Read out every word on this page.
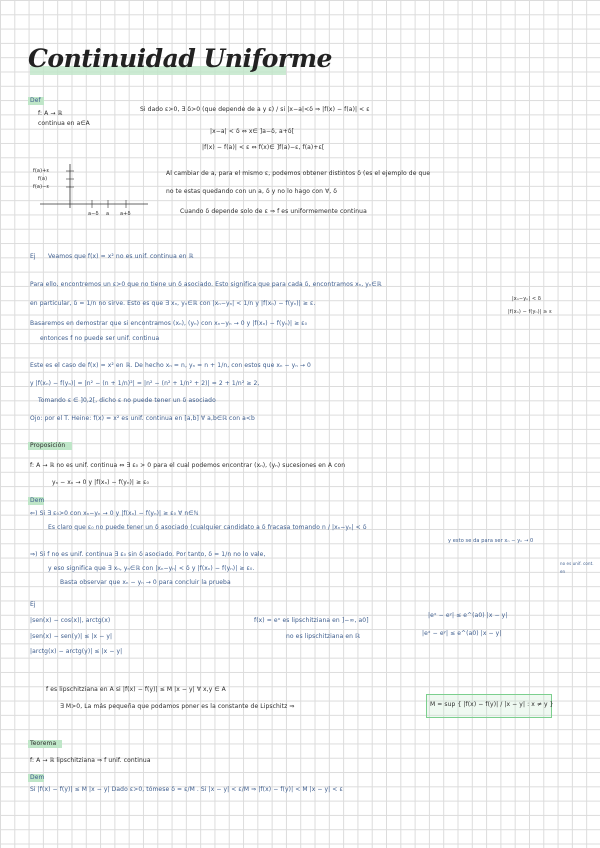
Continuidad Uniforme
Def
f: A → ℝ
continua en a∈A
Si dado ε>0, ∃ δ>0 (que depende de a y ε) / si |x−a|<δ ⇒ |f(x) − f(a)| < ε
|x−a| < δ ⇔ x∈ ]a−δ, a+δ[
|f(x) − f(a)| < ε ⇔ f(x)∈ ]f(a)−ε, f(a)+ε[
f(a)+ε
f(a)
f(a)−ε
a−δ a a+δ
Al cambiar de a, para el mismo ε, podemos obtener distintos δ (es el ejemplo de que
no te estas quedando con un a, δ y no lo hago con ∀, δ
Cuando δ depende solo de ε ⇒ f es uniformemente continua
Ej Veamos que f(x) = x² no es unif. continua en ℝ
Para ello, encontremos un ε>0 que no tiene un δ asociado. Esto significa que para cada δ, encontramos xₙ, yₙ∈ℝ
en particular, δ = 1/n no sirve. Esto es que ∃ xₙ, yₙ∈ℝ con |xₙ−yₙ| < 1/n y |f(xₙ) − f(yₙ)| ≥ ε.
|xₙ−yₙ| < δ
|f(xₙ) − f(yₙ)| ≥ ε
Basaremos en demostrar que si encontramos (xₙ), (yₙ) con xₙ−yₙ → 0 y |f(xₙ) − f(yₙ)| ≥ ε₀
entonces f no puede ser unif. continua
Este es el caso de f(x) = x² en ℝ. De hecho xₙ = n, yₙ = n + 1/n, con estos que xₙ − yₙ → 0
y |f(xₙ) − f(yₙ)| = |n² − (n + 1/n)²| = |n² − (n² + 1/n² + 2)| = 2 + 1/n² ≥ 2,
Tomando ε ∈ ]0,2[, dicho ε no puede tener un δ asociado
Ojo: por el T. Heine: f(x) = x² es unif. continua en [a,b] ∀ a,b∈ℝ con a<b
Proposición
f: A → ℝ no es unif. continua ⇔ ∃ ε₀ > 0 para el cual podemos encontrar (xₙ), (yₙ) sucesiones en A con
yₙ − xₙ → 0 y |f(xₙ) − f(yₙ)| ≥ ε₀
Dem
⇐) Si ∃ ε₀>0 con xₙ−yₙ → 0 y |f(xₙ) − f(yₙ)| ≥ ε₀ ∀ n∈ℕ
Es claro que ε₀ no puede tener un δ asociado (cualquier candidato a δ fracasa tomando n / |xₙ−yₙ| < δ
y esto se da para ser xₙ − yₙ → 0
⇒) Si f no es unif. continua ∃ ε₀ sin δ asociado. Por tanto, δ = 1/n no lo vale,
y eso significa que ∃ xₙ, yₙ∈ℝ con |xₙ−yₙ| < δ y |f(xₙ) − f(yₙ)| ≥ ε₀.
Basta observar que xₙ − yₙ → 0 para concluir la prueba
no es unif. cont. en
Ej
|sen(x) − cos(x)|, arctg(x)
|sen(x) − sen(y)| ≤ |x − y|
|arctg(x) − arctg(y)| ≤ |x − y|
f(x) = eˣ es lipschitziana en ]−∞, a0]
no es lipschitziana en ℝ
|eˣ − eʸ| ≤ e^(a0) |x − y|
|eˣ − eʸ| ≤ e^(a0) |x − y|
f es lipschitziana en A si |f(x) − f(y)| ≤ M |x − y| ∀ x,y ∈ A
∃ M>0, La más pequeña que podamos poner es la constante de Lipschitz ⇒	M = sup { |f(x) − f(y)| / |x − y| : x ≠ y }
Teorema
f: A → ℝ lipschitziana ⇒ f unif. continua
Dem
Si |f(x) − f(y)| ≤ M |x − y| Dado ε>0, tómese δ = ε/M . Si |x − y| < ε/M ⇒ |f(x) − f(y)| < M |x − y| < ε
